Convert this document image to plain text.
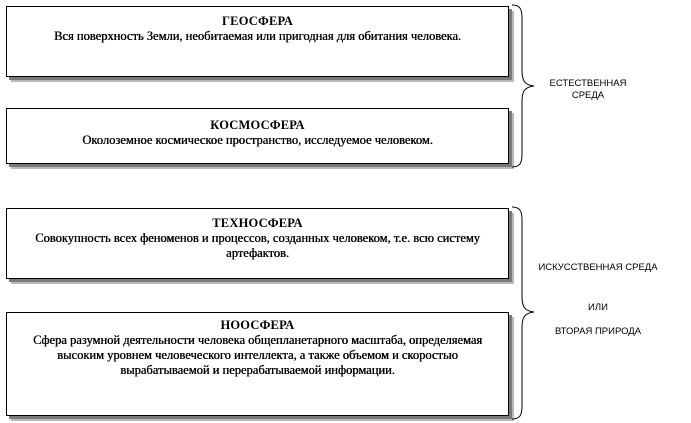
ГЕОСФЕРА
Вся поверхность Земли, необитаемая или пригодная для обитания человека.
КОСМОСФЕРА
Околоземное космическое пространство, исследуемое человеком.
ТЕХНОСФЕРА
Совокупность всех феноменов и процессов, созданных человеком, т.е. всю систему артефактов.
НООСФЕРА
Сфера разумной деятельности человека общепланетарного масштаба, определяемая высоким уровнем человеческого интеллекта, а также объемом и скоростью вырабатываемой и перерабатываемой информации.
ЕСТЕСТВЕННАЯ СРЕДА
ИСКУССТВЕННАЯ СРЕДА
ИЛИ
ВТОРАЯ ПРИРОДА
